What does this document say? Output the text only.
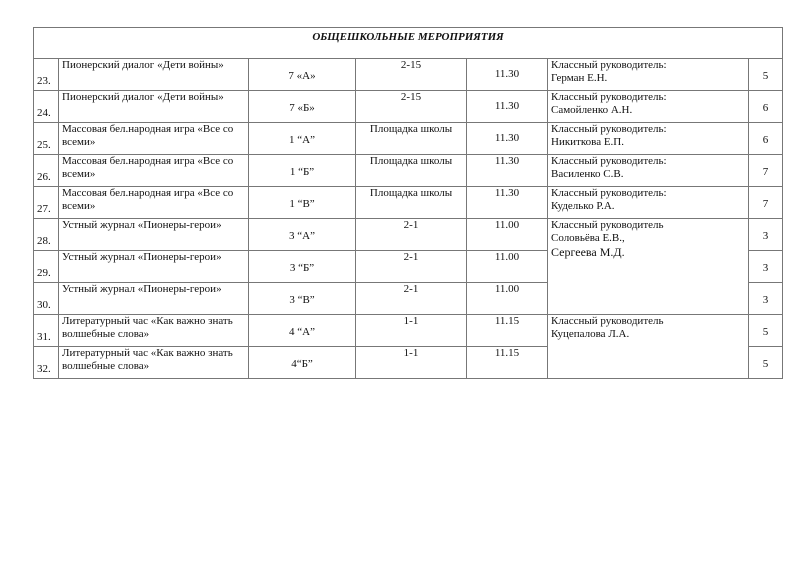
ОБЩЕШКОЛЬНЫЕ МЕРОПРИЯТИЯ						
23.	Пионерский диалог «Дети войны»	7 «А»	2-15	11.30	Классный руководитель:
Герман Е.Н.	5
24.	Пионерский диалог «Дети войны»	7 «Б»	2-15	11.30	Классный руководитель:
Самойленко А.Н.	6
25.	Массовая бел.народная игра «Все со всеми»	1 “А”	Площадка школы	11.30	Классный руководитель:
Никиткова Е.П.	6
26.	Массовая бел.народная игра «Все со всеми»	1 “Б”	Площадка школы	11.30	Классный руководитель:
Василенко С.В.	7
27.	Массовая бел.народная игра «Все со всеми»	1 “В”	Площадка школы	11.30	Классный руководитель:
Куделько Р.А.	7
28.	Устный журнал «Пионеры-герои»	3 “А”	2-1	11.00	Классный руководитель
Соловьёва Е.В.,
Сергеева М.Д.	3
29.	Устный журнал «Пионеры-герои»	3 “Б”	2-1	11.00		3
30.	Устный журнал «Пионеры-герои»	3 “В”	2-1	11.00		3
31.	Литературный час «Как важно знать волшебные слова»	4 “А”	1-1	11.15	Классный руководитель
Куцепалова Л.А.	5
32.	Литературный час «Как важно знать волшебные слова»	4“Б”	1-1	11.15		5
